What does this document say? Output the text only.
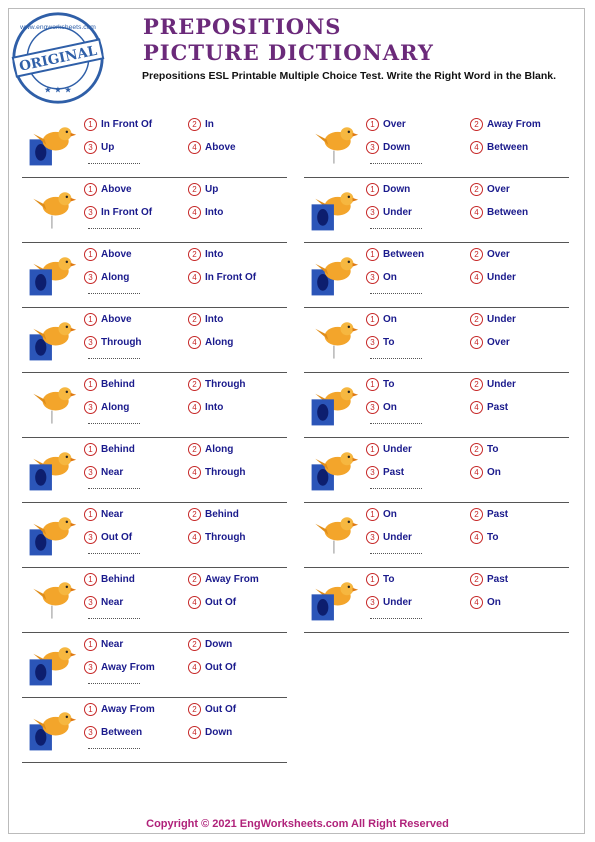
ORIGINAL
www.engworksheets.com
★ ★ ★
PREPOSITIONS
PICTURE DICTIONARY
Prepositions ESL Printable Multiple Choice Test. Write the Right Word in the Blank.
1 In Front Of	2 In
3 Up	4 Above
1 Above	2 Up
3 In Front Of	4 Into
1 Above	2 Into
3 Along	4 In Front Of
1 Above	2 Into
3 Through	4 Along
1 Behind	2 Through
3 Along	4 Into
1 Behind	2 Along
3 Near	4 Through
1 Near	2 Behind
3 Out Of	4 Through
1 Behind	2 Away From
3 Near	4 Out Of
1 Near	2 Down
3 Away From	4 Out Of
1 Away From	2 Out Of
3 Between	4 Down
1 Over	2 Away From
3 Down	4 Between
1 Down	2 Over
3 Under	4 Between
1 Between	2 Over
3 On	4 Under
1 On	2 Under
3 To	4 Over
1 To	2 Under
3 On	4 Past
1 Under	2 To
3 Past	4 On
1 On	2 Past
3 Under	4 To
1 To	2 Past
3 Under	4 On
Copyright © 2021 EngWorksheets.com All Right Reserved
